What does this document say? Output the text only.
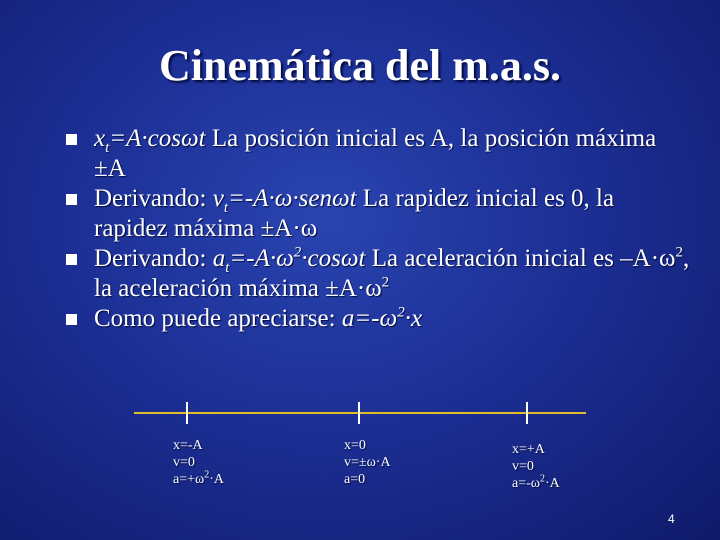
Cinemática del m.a.s.
$x_t=A\cdot\cos\omega t$ La posición inicial es A, la posición máxima ±A
Derivando: $v_t=-A\cdot\omega\cdot sen\omega t$ La rapidez inicial es 0, la rapidez máxima ±A·ω
Derivando: $a_t=-A\cdot\omega^2\cdot\cos\omega t$ La aceleración inicial es $-A\cdot\omega^2$, la aceleración máxima $\pm A\cdot\omega^2$
Como puede apreciarse: $a=-\omega^2\cdot x$
x=-A
v=0
$a=+\omega^2\cdot A$
x=0
v=±ω·A
a=0
x=+A
v=0
$a=-\omega^2\cdot A$
4
